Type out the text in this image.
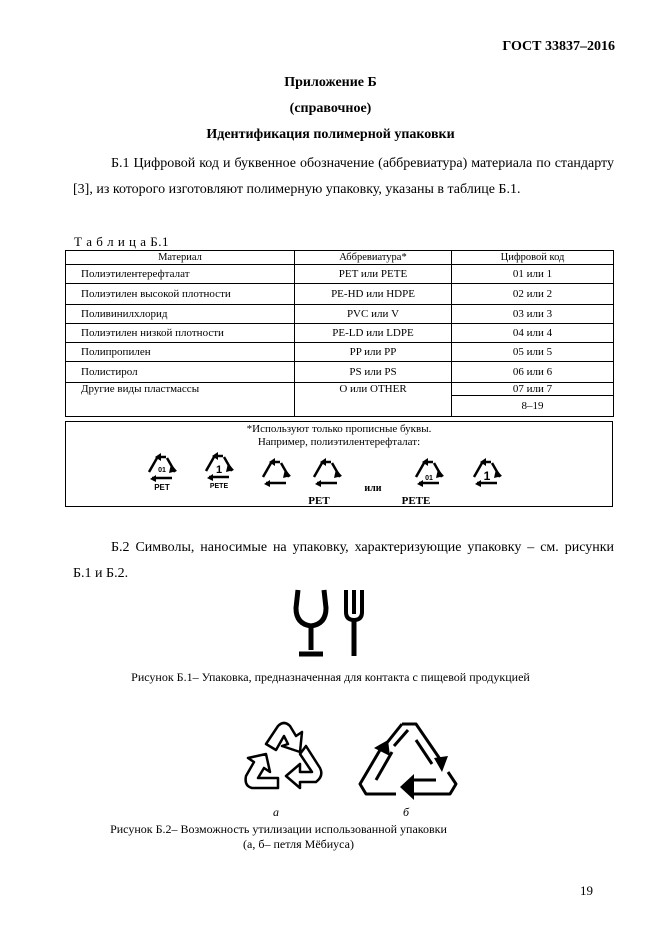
ГОСТ 33837–2016
Приложение Б
(справочное)
Идентификация полимерной упаковки
Б.1 Цифровой код и буквенное обозначение (аббревиатура) материала по стандарту [3], из которого изготовляют полимерную упаковку, указаны в таблице Б.1.
Т а б л и ц а Б.1
Материал	Аббревиатура*	Цифровой код
Полиэтилентерефталат	PET или PETE	01 или 1
Полиэтилен высокой плотности	PE-HD или HDPE	02 или 2
Поливинилхлорид	PVC или V	03 или 3
Полиэтилен низкой плотности	PE-LD или LDPE	04 или 4
Полипропилен	PP или PP	05 или 5
Полистирол	PS или PS	06 или 6
Другие виды пластмассы	O или OTHER	07 или 7
		8–19
*Используют только прописные буквы.
Например, полиэтилентерефталат:
01
PET
1
PETE
PET
или
01
PETE
1
Б.2 Символы, наносимые на упаковку, характеризующие упаковку – см. рисунки Б.1 и Б.2.
Рисунок Б.1– Упаковка, предназначенная для контакта с пищевой продукцией
а	б
Рисунок Б.2– Возможность утилизации использованной упаковки
(а, б– петля Мёбиуса)
19
